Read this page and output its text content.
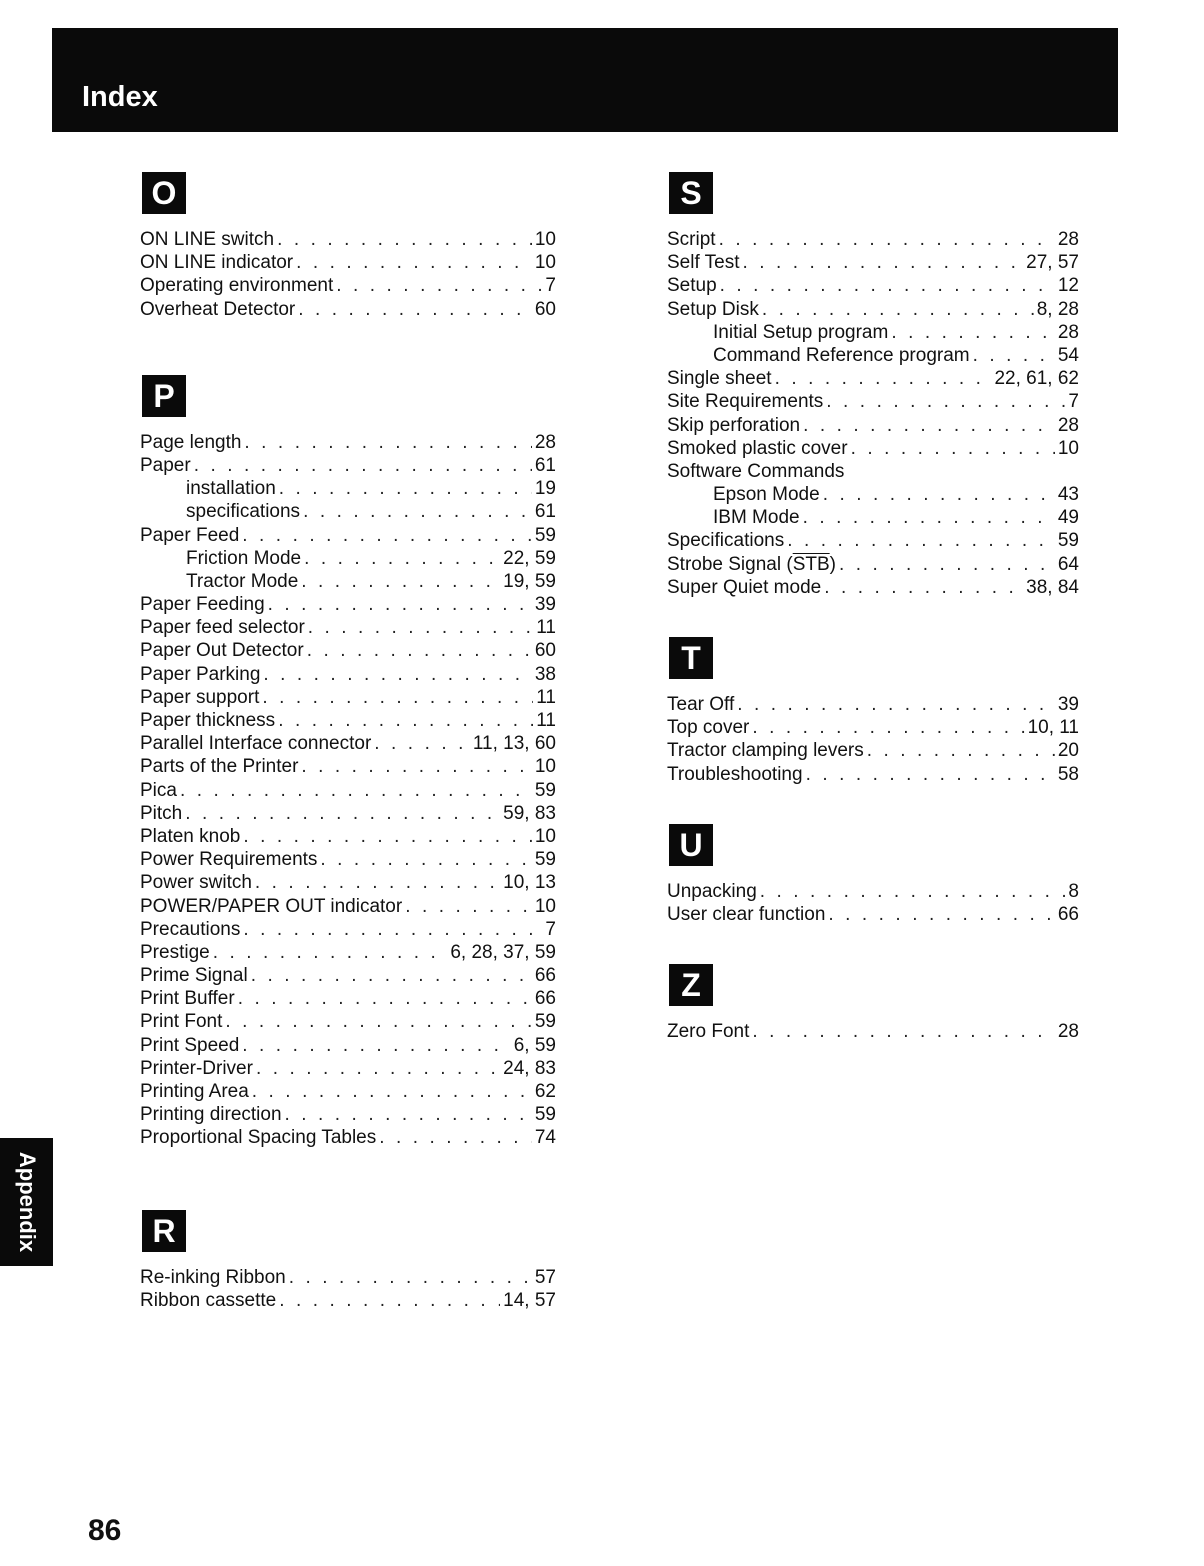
Index
O
ON LINE switch . . .	10
ON LINE indicator . . .	10
Operating environment . . .	7
Overheat Detector . . .	60
P
Page length . . .	28
Paper . . .	61
installation . . .	19
specifications . . .	61
Paper Feed . . .	59
Friction Mode . . .	22, 59
Tractor Mode . . .	19, 59
Paper Feeding . . .	39
Paper feed selector . . .	11
Paper Out Detector . . .	60
Paper Parking . . .	38
Paper support . . .	11
Paper thickness . . .	11
Parallel Interface connector . . .	11, 13, 60
Parts of the Printer . . .	10
Pica . . .	59
Pitch . . .	59, 83
Platen knob . . .	10
Power Requirements . . .	59
Power switch . . .	10, 13
POWER/PAPER OUT indicator . . .	10
Precautions . . .	7
Prestige . . .	6, 28, 37, 59
Prime Signal . . .	66
Print Buffer . . .	66
Print Font . . .	59
Print Speed . . .	6, 59
Printer-Driver . . .	24, 83
Printing Area . . .	62
Printing direction . . .	59
Proportional Spacing Tables . . .	74
R
Re-inking Ribbon . . .	57
Ribbon cassette . . .	14, 57
S
Script . . .	28
Self Test . . .	27, 57
Setup . . .	12
Setup Disk . . .	8, 28
Initial Setup program . . .	28
Command Reference program . . .	54
Single sheet . . .	22, 61, 62
Site Requirements . . .	7
Skip perforation . . .	28
Smoked plastic cover . . .	10
Software Commands
Epson Mode . . .	43
IBM Mode . . .	49
Specifications . . .	59
Strobe Signal $(\overline{STB})$ . . .	64
Super Quiet mode . . .	38, 84
T
Tear Off . . .	39
Top cover . . .	10, 11
Tractor clamping levers . . .	20
Troubleshooting . . .	58
U
Unpacking . . .	8
User clear function . . .	66
Z
Zero Font . . .	28
Appendix
86
